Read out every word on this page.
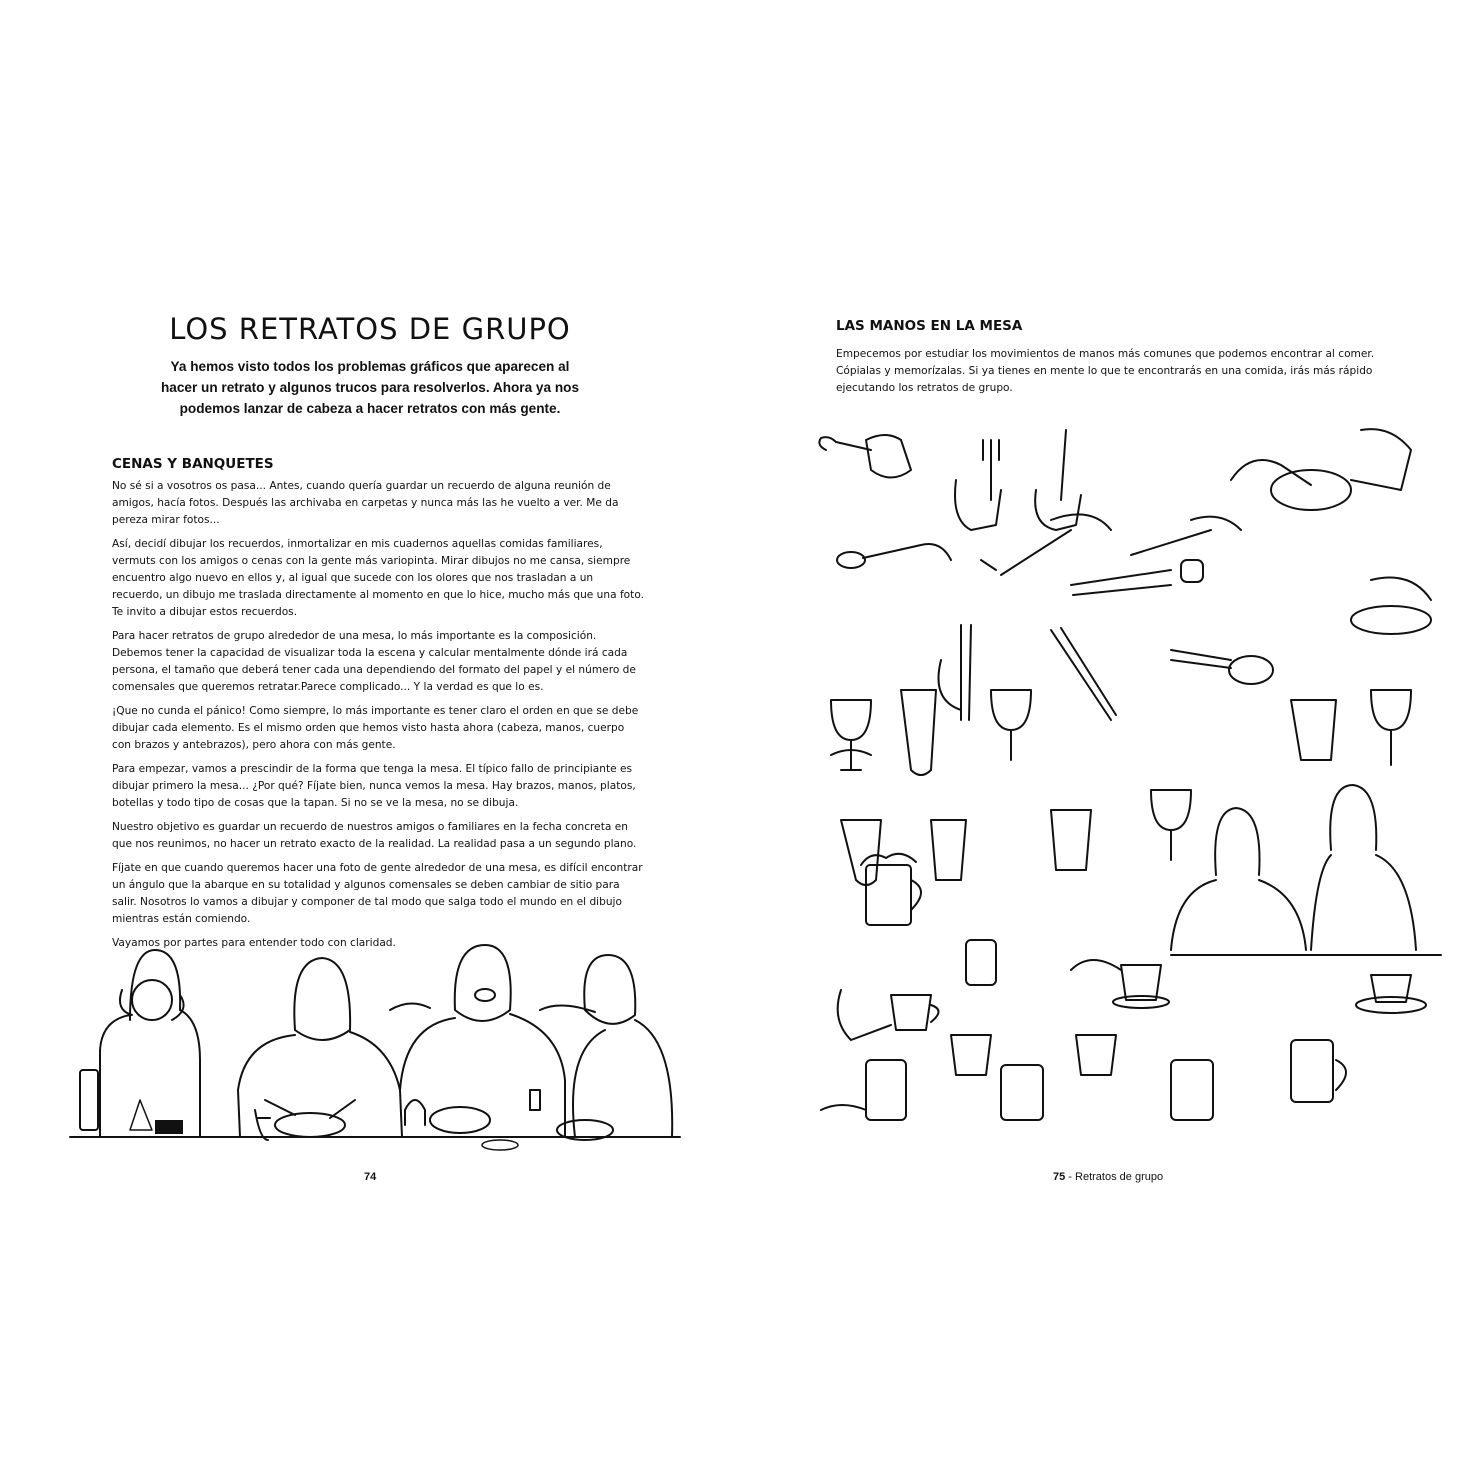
LOS RETRATOS DE GRUPO

Ya hemos visto todos los problemas gráficos que aparecen al
hacer un retrato y algunos trucos para resolverlos. Ahora ya nos
podemos lanzar de cabeza a hacer retratos con más gente.

CENAS Y BANQUETES

No sé si a vosotros os pasa... Antes, cuando quería guardar un recuerdo de alguna reunión de amigos, hacía fotos. Después las archivaba en carpetas y nunca más las he vuelto a ver. Me da pereza mirar fotos...

Así, decidí dibujar los recuerdos, inmortalizar en mis cuadernos aquellas comidas familiares, vermuts con los amigos o cenas con la gente más variopinta. Mirar dibujos no me cansa, siempre encuentro algo nuevo en ellos y, al igual que sucede con los olores que nos trasladan a un recuerdo, un dibujo me traslada directamente al momento en que lo hice, mucho más que una foto. Te invito a dibujar estos recuerdos.

Para hacer retratos de grupo alrededor de una mesa, lo más importante es la composición. Debemos tener la capacidad de visualizar toda la escena y calcular mentalmente dónde irá cada persona, el tamaño que deberá tener cada una dependiendo del formato del papel y el número de comensales que queremos retratar.Parece complicado... Y la verdad es que lo es.

¡Que no cunda el pánico! Como siempre, lo más importante es tener claro el orden en que se debe dibujar cada elemento. Es el mismo orden que hemos visto hasta ahora (cabeza, manos, cuerpo con brazos y antebrazos), pero ahora con más gente.

Para empezar, vamos a prescindir de la forma que tenga la mesa. El típico fallo de principiante es dibujar primero la mesa... ¿Por qué? Fíjate bien, nunca vemos la mesa. Hay brazos, manos, platos, botellas y todo tipo de cosas que la tapan. Si no se ve la mesa, no se dibuja.

Nuestro objetivo es guardar un recuerdo de nuestros amigos o familiares en la fecha concreta en que nos reunimos, no hacer un retrato exacto de la realidad. La realidad pasa a un segundo plano.

Fíjate en que cuando queremos hacer una foto de gente alrededor de una mesa, es difícil encontrar un ángulo que la abarque en su totalidad y algunos comensales se deben cambiar de sitio para salir. Nosotros lo vamos a dibujar y componer de tal modo que salga todo el mundo en el dibujo mientras están comiendo.

Vayamos por partes para entender todo con claridad.

74
LAS MANOS EN LA MESA

Empecemos por estudiar los movimientos de manos más comunes que podemos encontrar al comer. Cópialas y memorízalas. Si ya tienes en mente lo que te encontrarás en una comida, irás más rápido ejecutando los retratos de grupo.

75 - Retratos de grupo
